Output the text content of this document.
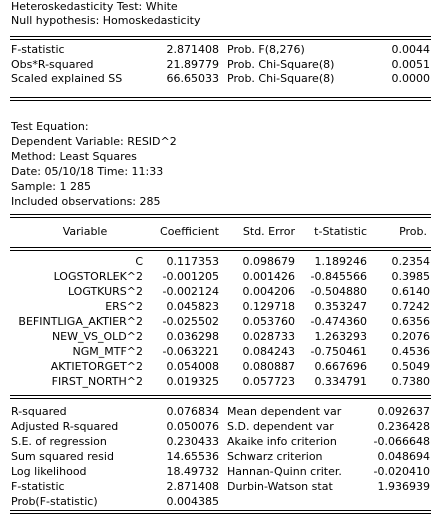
Heteroskedasticity Test: White
Null hypothesis: Homoskedasticity
F-statistic	2.871408 Prob. F(8,276)	0.0044
Obs*R-squared	21.89779 Prob. Chi-Square(8)	0.0051
Scaled explained SS	66.65033 Prob. Chi-Square(8)	0.0000
Test Equation:
Dependent Variable: RESID^2
Method: Least Squares
Date: 05/10/18 Time: 11:33
Sample: 1 285
Included observations: 285
Variable	Coefficient	Std. Error	t-Statistic	Prob.
C	0.117353	0.098679	1.189246	0.2354
LOGSTORLEK^2	-0.001205	0.001426	-0.845566	0.3985
LOGTKURS^2	-0.002124	0.004206	-0.504880	0.6140
ERS^2	0.045823	0.129718	0.353247	0.7242
BEFINTLIGA_AKTIER^2	-0.025502	0.053760	-0.474360	0.6356
NEW_VS_OLD^2	0.036298	0.028733	1.263293	0.2076
NGM_MTF^2	-0.063221	0.084243	-0.750461	0.4536
AKTIETORGET^2	0.054008	0.080887	0.667696	0.5049
FIRST_NORTH^2	0.019325	0.057723	0.334791	0.7380
R-squared	0.076834 Mean dependent var	0.092637
Adjusted R-squared	0.050076 S.D. dependent var	0.236428
S.E. of regression	0.230433 Akaike info criterion	-0.066648
Sum squared resid	14.65536 Schwarz criterion	0.048694
Log likelihood	18.49732 Hannan-Quinn criter.	-0.020410
F-statistic	2.871408 Durbin-Watson stat	1.936939
Prob(F-statistic)	0.004385
